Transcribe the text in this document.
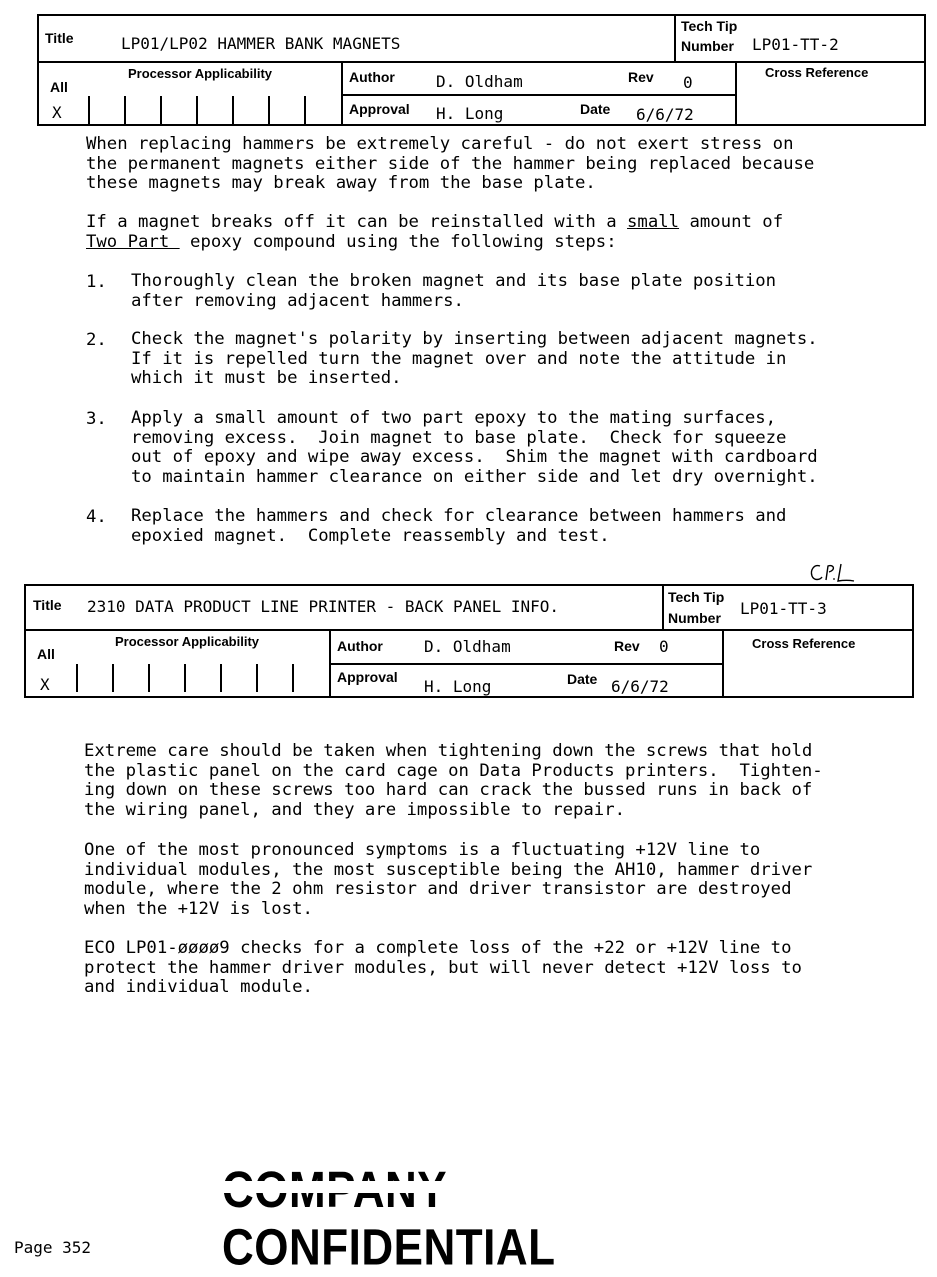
Title	LP01/LP02 HAMMER BANK MAGNETS
Tech Tip
Number LP01-TT-2
Processor Applicability
All
X
Author	D. Oldham	Rev 0
Cross Reference
Approval H. Long	Date 6/6/72
When replacing hammers be extremely careful - do not exert stress on
the permanent magnets either side of the hammer being replaced because
these magnets may break away from the base plate.
If a magnet breaks off it can be reinstalled with a small amount of
Two Part  epoxy compound using the following steps:
1. Thoroughly clean the broken magnet and its base plate position
after removing adjacent hammers.
2. Check the magnet's polarity by inserting between adjacent magnets.
If it is repelled turn the magnet over and note the attitude in
which it must be inserted.
3. Apply a small amount of two part epoxy to the mating surfaces,
removing excess.  Join magnet to base plate.  Check for squeeze
out of epoxy and wipe away excess.  Shim the magnet with cardboard
to maintain hammer clearance on either side and let dry overnight.
4. Replace the hammers and check for clearance between hammers and
epoxied magnet.  Complete reassembly and test.
Title 2310 DATA PRODUCT LINE PRINTER - BACK PANEL INFO.	Tech Tip
Number LP01-TT-3
Processor Applicability
All
X
Author	D. Oldham	Rev 0	Cross Reference
Approval H. Long	Date 6/6/72
Extreme care should be taken when tightening down the screws that hold
the plastic panel on the card cage on Data Products printers.  Tighten-
ing down on these screws too hard can crack the bussed runs in back of
the wiring panel, and they are impossible to repair.
One of the most pronounced symptoms is a fluctuating +12V line to
individual modules, the most susceptible being the AH10, hammer driver
module, where the 2 ohm resistor and driver transistor are destroyed
when the +12V is lost.
ECO LP01-øøøø9 checks for a complete loss of the +22 or +12V line to
protect the hammer driver modules, but will never detect +12V loss to
and individual module.
CONFIDENTIAL
Page 352
